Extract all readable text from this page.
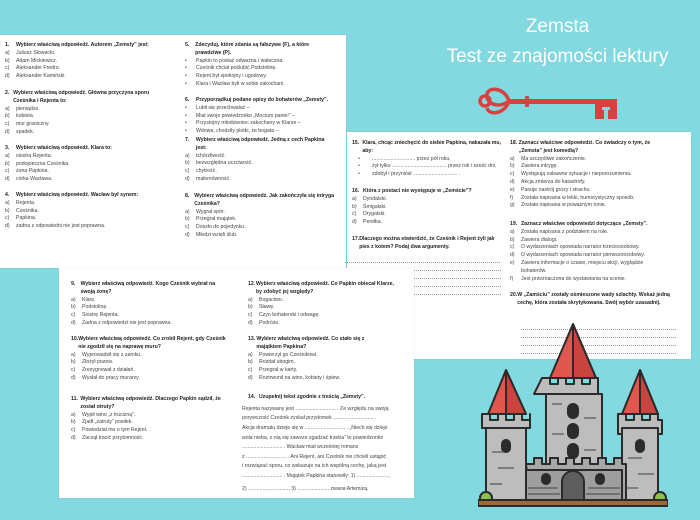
Zemsta
Test ze znajomości lektury
1. Wybierz właściwą odpowiedź. Autorem „Zemsty” jest:
a) Juliusz Słowacki.
b) Adam Mickiewicz.
c) Aleksander Fredro.
d) Aleksander Kamiński.
2. Wybierz właściwą odpowiedź. Główna przyczyna sporu Cześnika i Rejenta to:
a) pieniądze.
b) kobieta.
c) mur graniczny.
d) spadek.
3. Wybierz właściwą odpowiedź. Klara to:
a) siostra Rejenta.
b) podopieczna Cześnika.
c) żona Papkina.
d) córka Wacława.
4. Wybierz właściwą odpowiedź. Wacław był synem:
a) Rejenta.
b) Cześnika.
c) Papkina.
d) żadna z odpowiedni nie jest poprawna.
5.	Zdecyduj, które zdania są fałszywe (F), a które prawdziwe (P).
• Papkin to postać odważna i waleczna.
• Cześnik chciał poślubić Podstolinę.
• Rejent był spokojny i ugodowy.
• Klara i Wacław byli w sobie zakochani.
6. Przyporządkuj podane opisy do bohaterów „Zemsty”.
• Lubił się przechwalać –
• Miał swoje powiedzonko „Mocium panie!” –
• Przystojny młodzieniec zakochany w Klarze –
• Wdowa, chodziły plotki, że bogata –
7.	Wybierz właściwą odpowiedź. Jedną z cech Papkina jest:
a) tchórzliwość.
b) bezwzględna uczciwość.
c) chytrość.
d) małomówność.
8. Wybierz właściwą odpowiedź. Jak zakończyła się intryga Cześnika?
a) Wygrał spór.
b) Przegrał majątek.
c) Doszło do pojedynku.
d) Młodzi wzięli ślub.
15. Klara, chcąc zniechęcić do siebie Papkina, nakazała mu, aby:
• .............................. przez pół roku,
• żył tylko ...................................... przez rok i sześć dni,
• zdobył i przyniósł ............................... .
16. Która z postaci nie występuje w „Zemście”?
a) Dyndalski.
b) Śmigalski.
c) Drygalski.
d) Perełka.
17. Dlaczego można stwierdzić, że Cześnik i Rejent żyli jak pies z kotem? Podaj dwa argumenty.
18. Zaznacz właściwe odpowiedzi. Co świadczy o tym, że „Zemsta” jest komedią?
a) Ma szczęśliwe zakończenie.
b) Zawiera intrygę.
c) Występują zabawne sytuacje i nieporozumienia.
d) Akcja zmierza do katastrofy.
e) Panuje nastrój grozy i strachu.
f) Została napisana w lekki, humorystyczny sposób.
g) Została napisana w poważnym tonie.
19. Zaznacz właściwe odpowiedzi dotyczące „Zemsty”.
a) Została napisana z podziałem na role.
b) Zawiera dialogi.
c) O wydarzeniach opowiada narrator trzecioosobowy.
d) O wydarzeniach opowiada narrator pierwszoosobowy.
e) Zawiera informacje o czasie, miejscu akcji, wyglądzie
bohaterów.
f) Jest przeznaczona do wystawiania na scenie.
20. W „Zamściu” zostały ośmieszone wady szlachty. Wskaż jedną cechę, która została skrytykowana. Swój wybór uzasadnij.
9.	Wybierz właściwą odpowiedź. Kogo Cześnik wybrał na swoją żonę?
a) Klarę.
b) Podstolinę.
c) Siostrę Rejenta.
d) Żadna z odpowiedzi nie jest poprawna.
10. Wybierz właściwą odpowiedź. Co zrobił Rejent, gdy Cześnik nie zgodził się na naprawę muru?
a) Wyprowadził się z zamku.
b) Złożył pozew.
c) Zrezygnował z działań.
d) Wysłał do pracy murarzy.
11. Wybierz właściwą odpowiedź. Dlaczego Papkin sądził, że został otruty?
a) Wypił wino „z trucizną”.
b) Zjadł „zatruty” posiłek.
c) Powiedział mu o tym Rejent.
d) Zaczął tracić przytomność.
12. Wybierz właściwą odpowiedź. Co Papkin obiecał Klarze, by zdobyć jej względy?
a) Bogactwo.
b) Sławę.
c) Czyn bohaterski i odwagę.
d) Podróże.
13. Wybierz właściwą odpowiedź. Co stało się z majątkiem Papkina?
a) Powierzył go Cześnikowi.
b) Rozdał ubogim.
c) Przegrał w karty.
d) Roztrwonił na wino, kobiety i śpiew.
14. Uzupełnij tekst zgodnie z treścią „Zemsty”.
Rejenta nazywany jest ............................ . Ze względu na swoją
porywczość Cześnik zyskał przydomek ............................ .
Akcja dramatu dzieje się w ............................ . „Niech się dzieje
wola nieba, z nią się zawsze zgadzać trzeba” to powiedzonko
............................ . Wacław miał wcześniej romans
z ............................ . Ani Rejent, ani Cześnik nie chcieli ustąpić
i rozwiązać sporu, co wskazuje na ich wspólną cechę, jaką jest
............................ . Majątek Papkina stanowiły: 1) ......................,
2) ............................, 3) ...................... zwana Artemizą.
